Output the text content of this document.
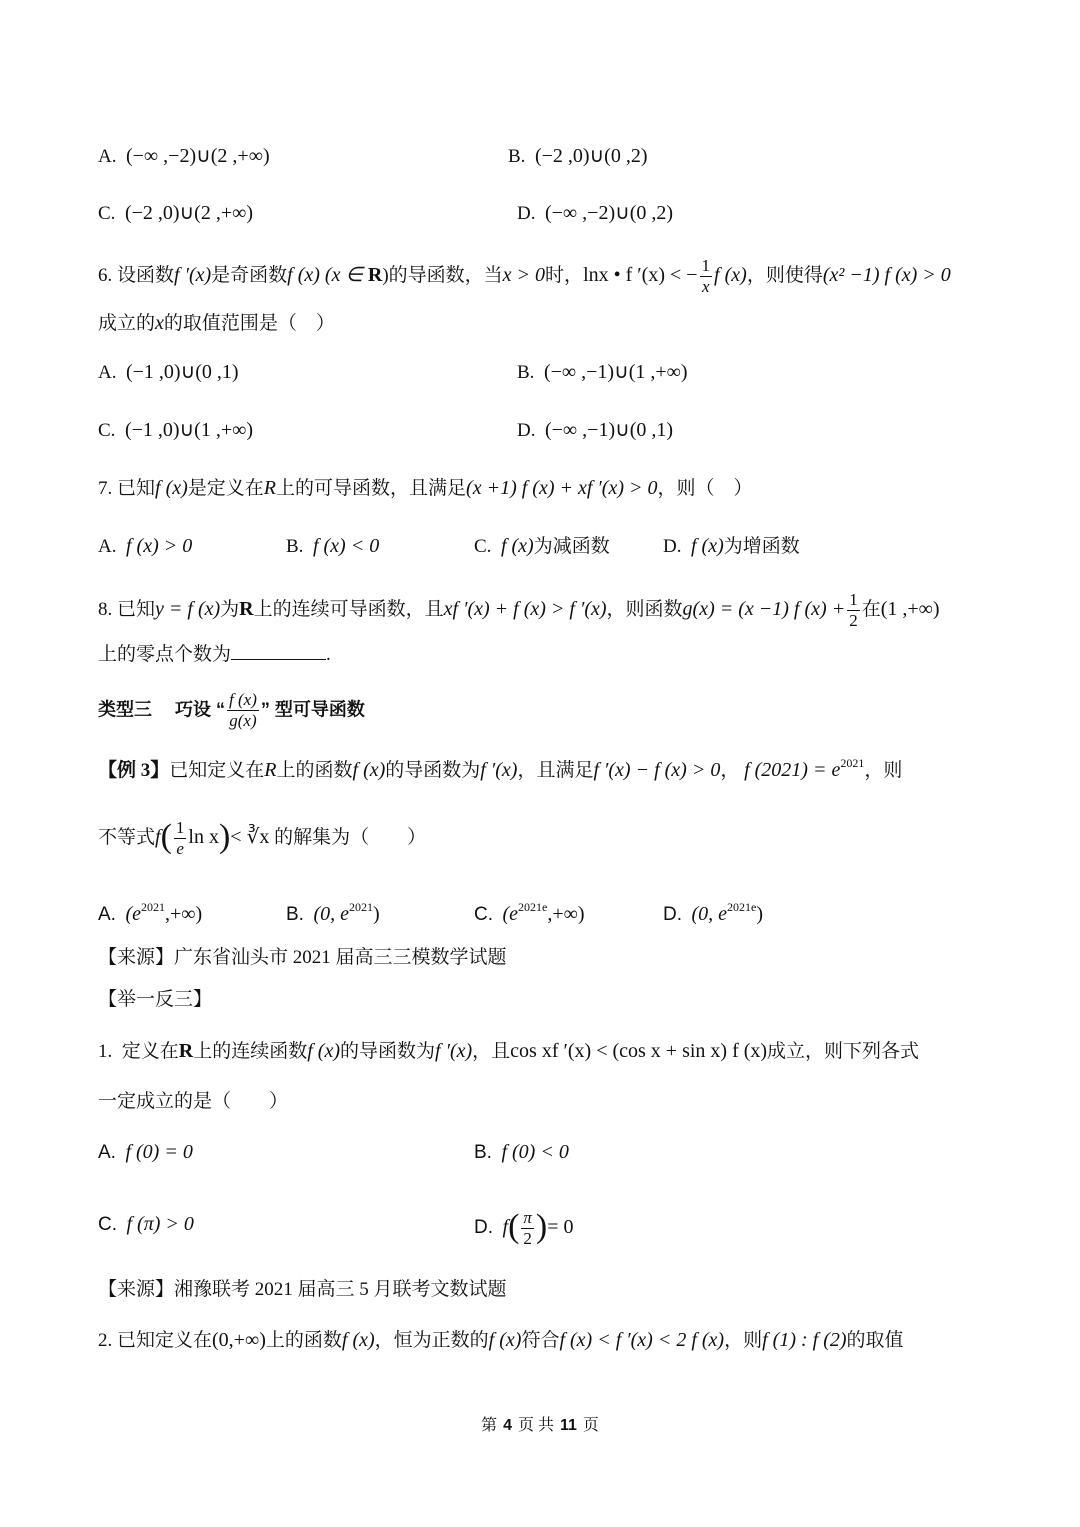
A. (−∞ ,−2)∪(2 ,+∞)	B. (−2 ,0)∪(0 ,2)
C. (−2 ,0)∪(2 ,+∞)	D. (−∞ ,−2)∪(0 ,2)
6. 设函数f ′(x)是奇函数f (x) (x ∈ R)的导函数，当x > 0时，lnx • f ′(x) < − $\frac{1}{x}$ f (x)，则使得(x² −1) f (x) > 0
成立的x的取值范围是（　）
A. (−1 ,0)∪(0 ,1)	B. (−∞ ,−1)∪(1 ,+∞)
C. (−1 ,0)∪(1 ,+∞)	D. (−∞ ,−1)∪(0 ,1)
7. 已知f (x)是定义在R上的可导函数，且满足(x +1) f (x) + xf ′(x) > 0，则（　）
A. f (x) > 0	B. f (x) < 0	C. f (x)为减函数	D. f (x)为增函数
8. 已知y = f (x)为R上的连续可导函数，且xf ′(x) + f (x) > f ′(x)，则函数g(x) = (x −1) f $(x) + \frac{1}{2}$ 在(1 ,+∞)
上的零点个数为	.
类型三　 巧设 “ $\frac{f (x)}{g(x)}$ ” 型可导函数
【例 3】已知定义在R上的函数f (x)的导函数为f ′(x)，且满足f ′(x) − f (x) > 0， f $(2021) = e^{2021}$，则
不等式$f( \frac{1}{e}$ ln x)< ∛x 的解集为（　　）
A. $(e^{2021},+\infty)$	B. (0, $e^{2021}$)	C. $(e^{2021e},+\infty)$	D. (0, $e^{2021e}$)
【来源】广东省汕头市 2021 届高三三模数学试题
【举一反三】
1. 定义在R上的连续函数f (x)的导函数为f ′(x)，且cos xf ′(x) < (cos x + sin x) f (x)成立，则下列各式
一定成立的是（　　）
A. f (0) = 0	B. f (0) < 0
C. f (π) > 0	D. $f( \frac{\pi}{2}$ )= 0
【来源】湘豫联考 2021 届高三 5 月联考文数试题
2. 已知定义在(0,+∞)上的函数f (x)，恒为正数的f (x)符合f (x) < f ′(x) < 2 f (x)，则f (1) : f (2)的取值
第 4 页 共 11 页
